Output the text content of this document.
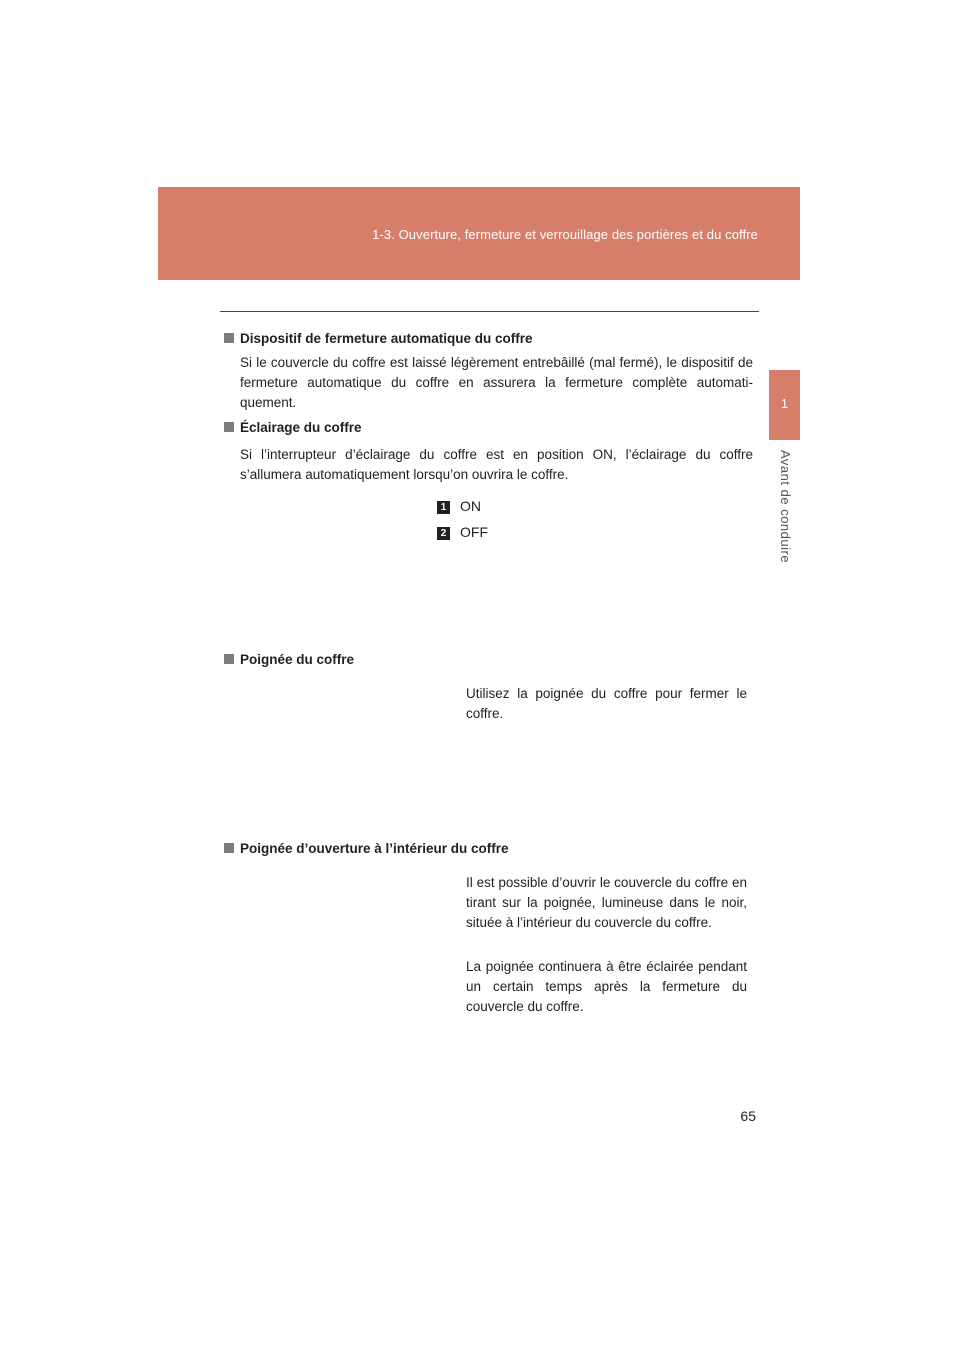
1-3. Ouverture, fermeture et verrouillage des portières et du coffre
1
Avant de conduire
Dispositif de fermeture automatique du coffre

Si le couvercle du coffre est laissé légèrement entrebâillé (mal fermé), le dispositif de fermeture automatique du coffre en assurera la fermeture complète automati-quement.

Éclairage du coffre

Si l’interrupteur d’éclairage du coffre est en position ON, l’éclairage du coffre s’allumera automatiquement lorsqu’on ouvrira le coffre.

1 ON
2 OFF
Poignée du coffre

Utilisez la poignée du coffre pour fermer le coffre.

Poignée d’ouverture à l’intérieur du coffre

Il est possible d’ouvrir le couvercle du coffre en tirant sur la poignée, lumineuse dans le noir, située à l’intérieur du couvercle du coffre.

La poignée continuera à être éclairée pendant un certain temps après la fermeture du couvercle du coffre.

65
